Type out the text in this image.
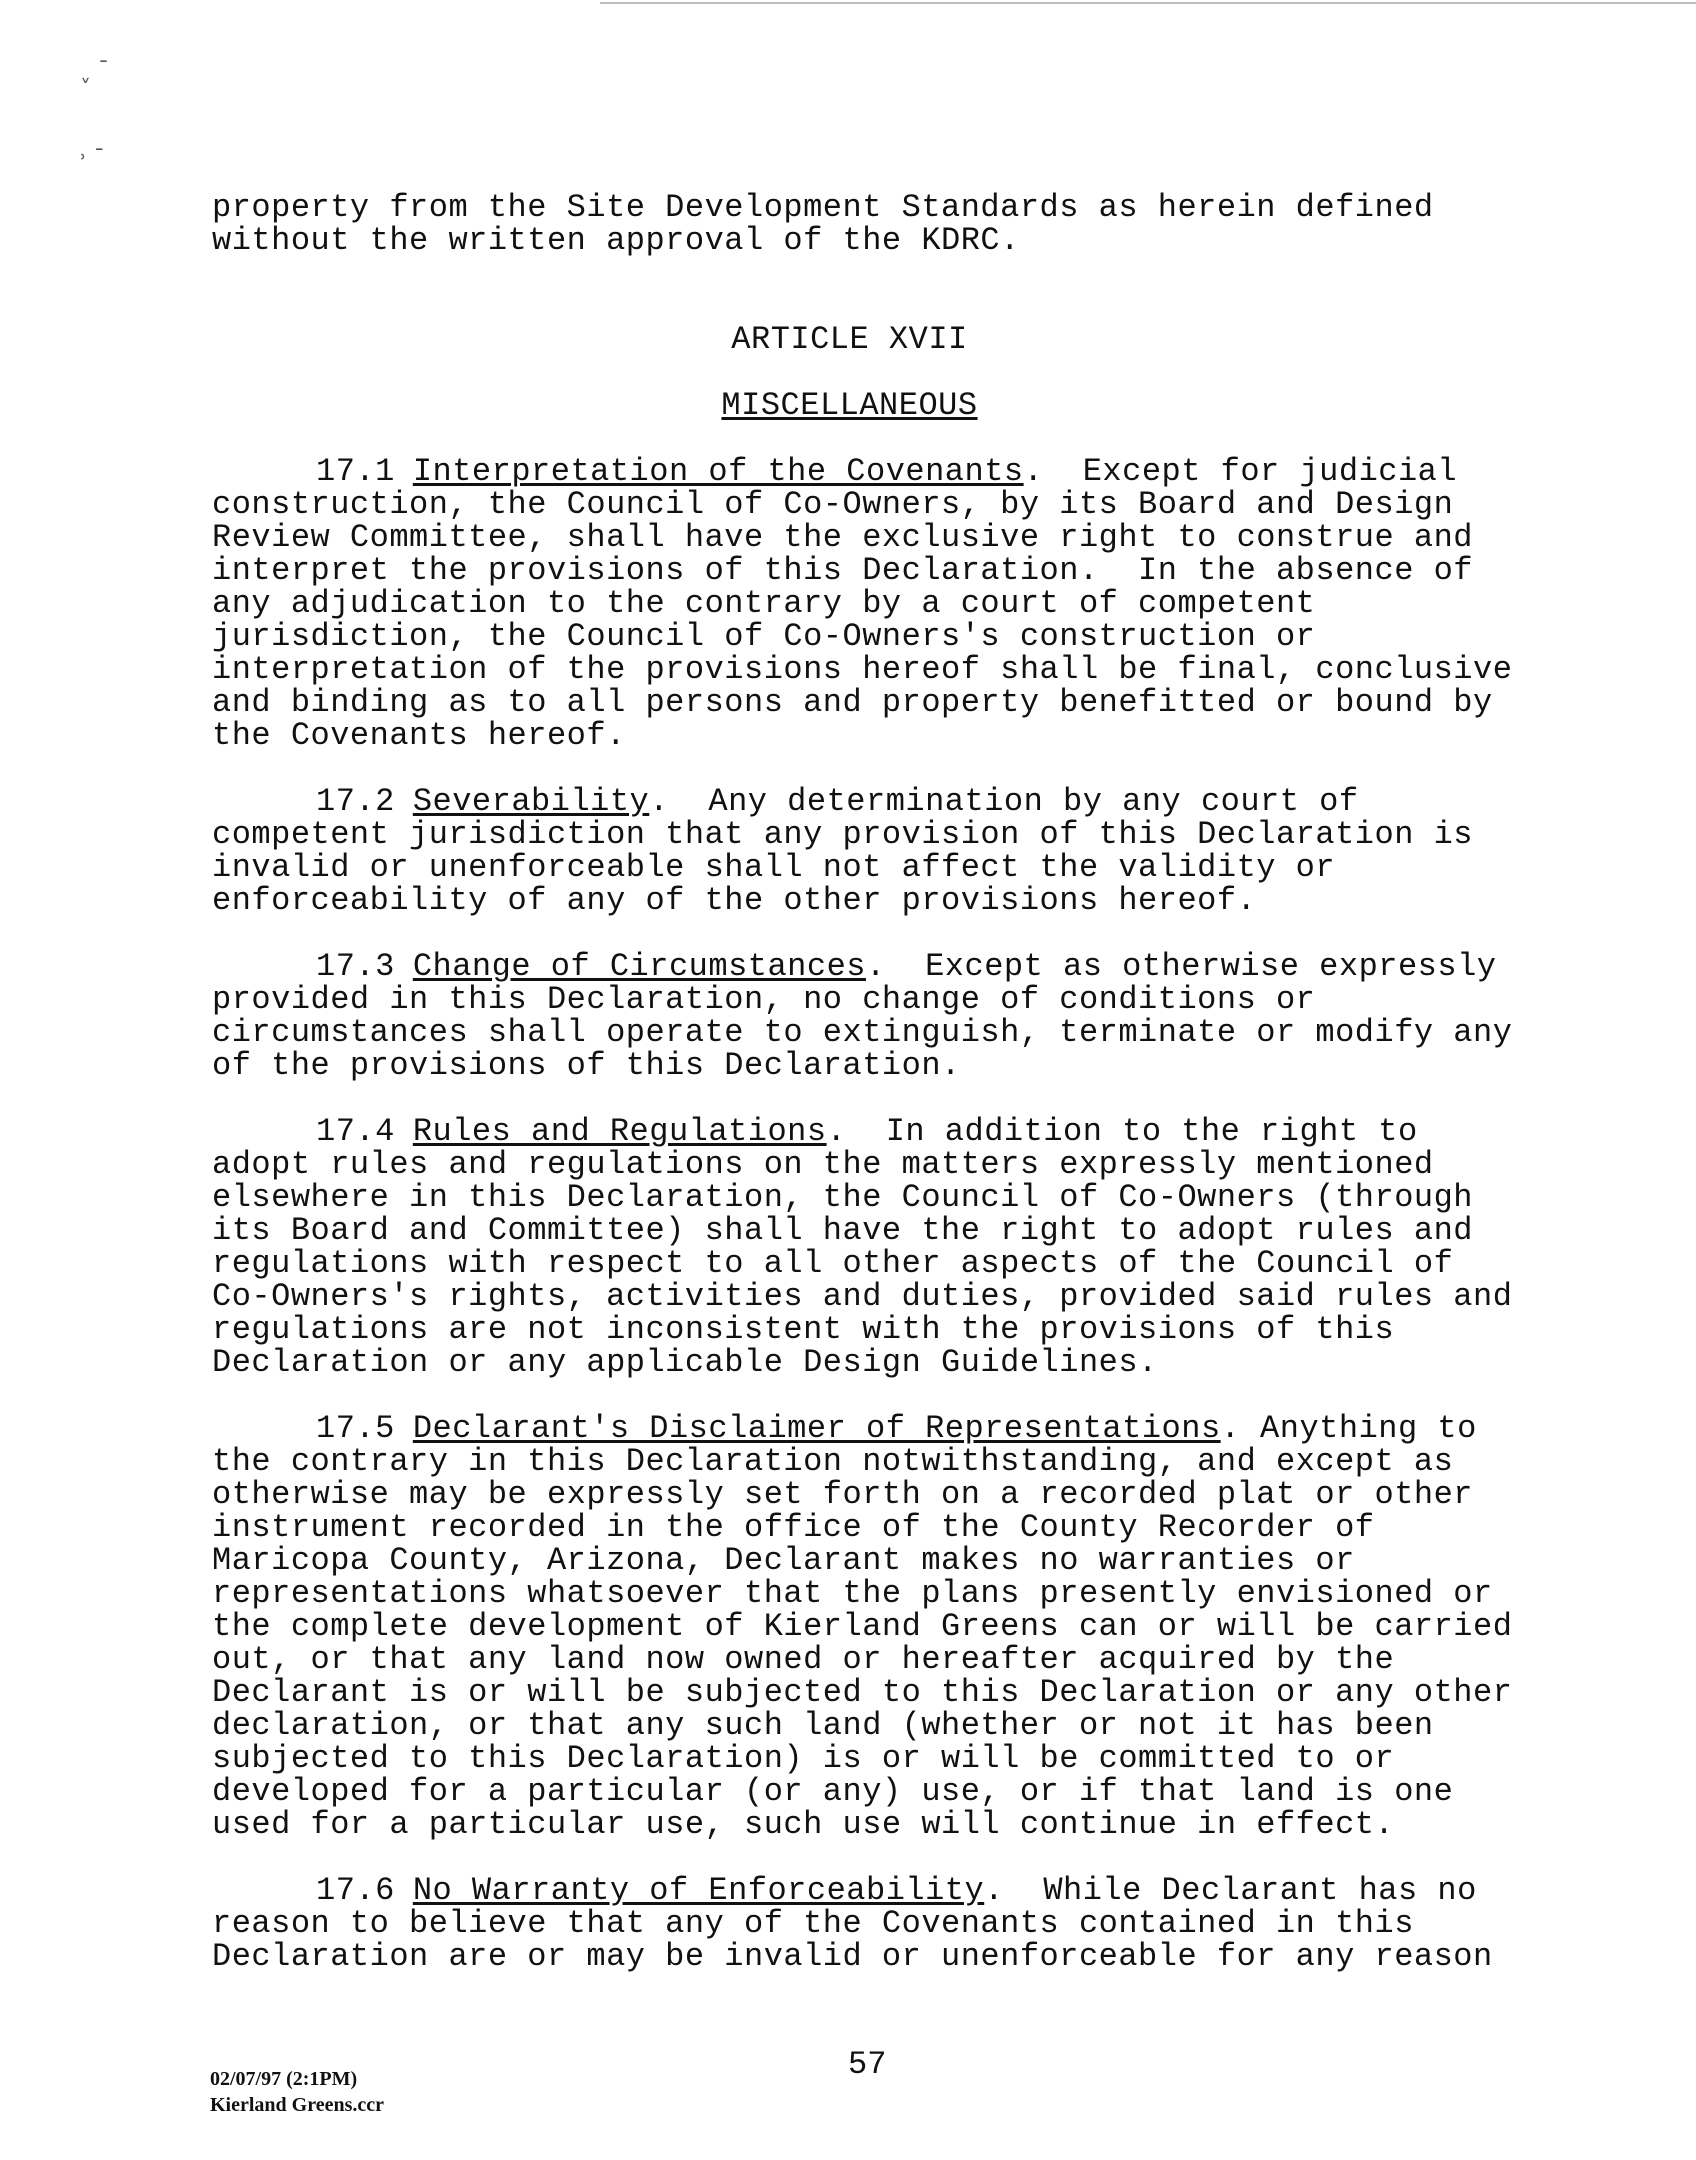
ˬ ˉ
˒ ˉ

property from the Site Development Standards as herein defined without the written approval of the KDRC.

ARTICLE XVII

MISCELLANEOUS

17.1 Interpretation of the Covenants.  Except for judicial construction, the Council of Co-Owners, by its Board and Design Review Committee, shall have the exclusive right to construe and interpret the provisions of this Declaration.  In the absence of any adjudication to the contrary by a court of competent jurisdiction, the Council of Co-Owners's construction or interpretation of the provisions hereof shall be final, conclusive and binding as to all persons and property benefitted or bound by the Covenants hereof.

17.2 Severability.  Any determination by any court of competent jurisdiction that any provision of this Declaration is invalid or unenforceable shall not affect the validity or enforceability of any of the other provisions hereof.

17.3 Change of Circumstances.  Except as otherwise expressly provided in this Declaration, no change of conditions or circumstances shall operate to extinguish, terminate or modify any of the provisions of this Declaration.

17.4 Rules and Regulations.  In addition to the right to adopt rules and regulations on the matters expressly mentioned elsewhere in this Declaration, the Council of Co-Owners (through its Board and Committee) shall have the right to adopt rules and regulations with respect to all other aspects of the Council of Co-Owners's rights, activities and duties, provided said rules and regulations are not inconsistent with the provisions of this Declaration or any applicable Design Guidelines.

17.5 Declarant's Disclaimer of Representations. Anything to the contrary in this Declaration notwithstanding, and except as otherwise may be expressly set forth on a recorded plat or other instrument recorded in the office of the County Recorder of Maricopa County, Arizona, Declarant makes no warranties or representations whatsoever that the plans presently envisioned or the complete development of Kierland Greens can or will be carried out, or that any land now owned or hereafter acquired by the Declarant is or will be subjected to this Declaration or any other declaration, or that any such land (whether or not it has been subjected to this Declaration) is or will be committed to or developed for a particular (or any) use, or if that land is one used for a particular use, such use will continue in effect.

17.6 No Warranty of Enforceability.  While Declarant has no reason to believe that any of the Covenants contained in this Declaration are or may be invalid or unenforceable for any reason

02/07/97 (2:1PM)
Kierland Greens.ccr
57
